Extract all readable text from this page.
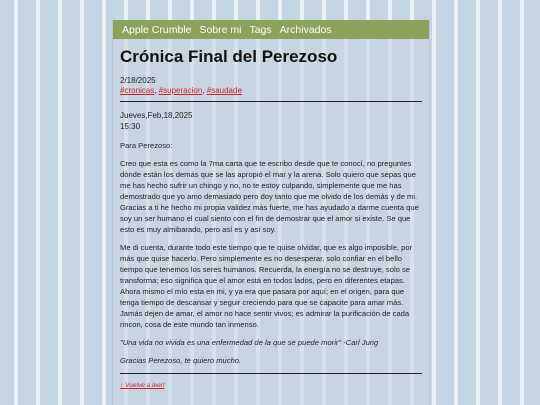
Apple Crumble Sobre mi Tags Archivados
Crónica Final del Perezoso

2/18/2025

#cronicas, #superacion, #saudade

Jueves,Feb,18,2025

15:30

Para Perezoso:

Creo que esta es como la 7ma carta que te escribo desde que te conocí, no preguntes dónde están los demás que se las apropió el mar y la arena. Solo quiero que sepas que me has hecho sufrir un chingo y no, no te estoy culpando, simplemente que me has demostrado que yo amo demasiado pero doy tanto que me olvido de los demás y de mi. Gracias a ti he hecho mi propia validez más fuerte, me has ayudado a darme cuenta que soy un ser humano el cual siento con el fin de demostrar que el amor si existe. Se que esto es muy almibarado, pero así es y así soy.

Me di cuenta, durante todo este tiempo que te quise olvidar, que es algo imposible, por más que quise hacerlo. Pero simplemente es no desesperar, solo confiar en el bello tiempo que tenemos los seres humanos. Recuerda, la energía no se destruye, solo se transforma; eso significa que el amor está en todos lados, pero en diferentes etapas. Ahora mismo el mío esta en mi, y ya era que pasara por aquí; en el origen, para que tenga tiempo de descansar y seguir creciendo para que se capacite para amar más. Jamás dejen de amar, el amor no hace sentir vivos; es admirar la purificación de cada rincon, cosa de este mundo tan inmenso.

"Una vida no vivida es una enfermedad de la que se puede morir" -Carl Jung

Gracias Perezoso, te quiero mucho.

↑ Vuelve a leer!
